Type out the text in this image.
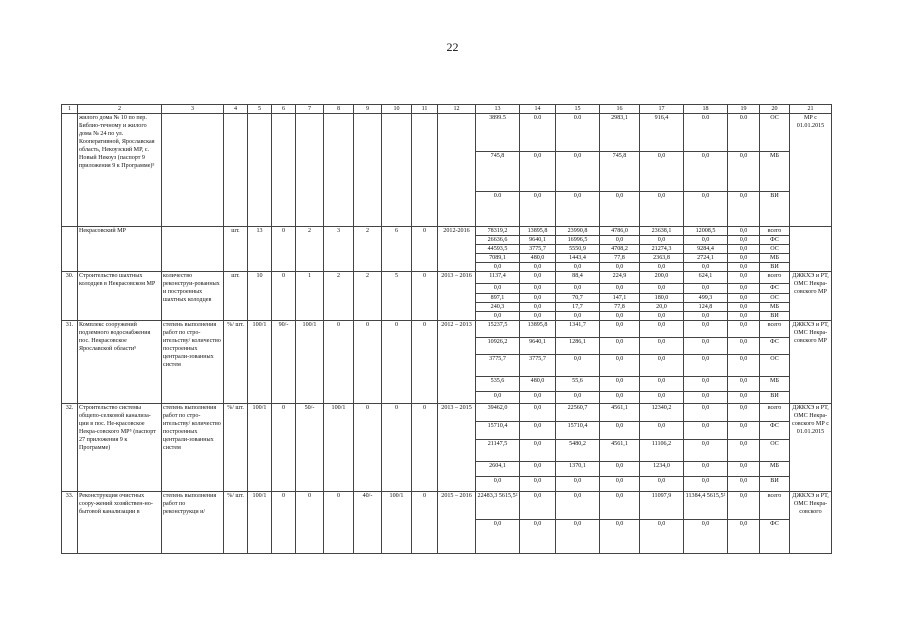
22
1	2	3	4	5	6	7	8	9	10	11	12	13	14	15	16	17	18	19	20	21
	жилого дома № 10 по пер. Библио-течному и жилого дома № 24 по ул. Кооперативной, Ярославская область, Некоузский МР, с. Новый Некоуз (паспорт 9 приложения 9 к Программе)⁵											3899.5	0.0	0.0	2983,1	916,4	0.0	0.0	ОС	МР с 01.01.2015
												745,8	0,0	0,0	745,8	0,0	0,0	0,0	МБ	
												0.0	0,0	0,0	0,0	0,0	0,0	0,0	ВИ	
	Некрасовский МР		шт.	13	0	2	3	2	6	0	2012-2016	78319,2	13895,8	23990,8	4786,0	23638,1	12008,5	0,0	всего	
												26636,6	9640,1	16996,5	0,0	0,0	0,0	0,0	ФС	
												44593,5	3775,7	5550,9	4708,2	21274,3	9284,4	0,0	ОС	
												7089,1	480,0	1443,4	77,8	2363,8	2724,1	0,0	МБ	
												0,0	0,0	0,0	0,0	0,0	0,0	0,0	ВИ	
30.	Строительство шахтных колодцев в Некрасовском МР	количество реконструи-рованных и построенных шахтных колодцев	шт.	10	0	1	2	2	5	0	2013 – 2016	1137,4	0,0	88,4	224,9	200,0	624,1	0,0	всего	ДЖКХЭ и РТ, ОМС Некра-совского МР
												0,0	0,0	0,0	0,0	0,0	0,0	0,0	ФС	
												897,1	0,0	70,7	147,1	180,0	499,3	0,0	ОС	
												240,3	0,0	17,7	77,8	20,0	124,8	0,0	МБ	
												0,0	0,0	0,0	0,0	0,0	0,0	0,0	ВИ	
31.	Комплекс сооружений подземного водоснабжения пос. Некрасовское Ярославской области⁵	степень выполнения работ по стро-ительству/ количество построенных централи-зованных систем	%/ шт.	100/1	90/-	100/1	0	0	0	0	2012 – 2013	15237,5	13895,8	1341,7	0,0	0,0	0,0	0,0	всего	ДЖКХЭ и РТ, ОМС Некра-совского МР
												10926,2	9640,1	1286,1	0,0	0,0	0,0	0,0	ФС	
												3775,7	3775,7	0,0	0,0	0,0	0,0	0,0	ОС	
												535,6	480,0	55,6	0,0	0,0	0,0	0,0	МБ	
												0,0	0,0	0,0	0,0	0,0	0,0	0,0	ВИ	
32.	Строительство системы общепо-селковой канализа-ции в пос. Не-красовское Некра-совского МР⁵ (паспорт 27 приложения 9 к Программе)	степень выполнения работ по стро-ительству/ количество построенных централи-зованных систем	%/ шт.	100/1	0	50/-	100/1	0	0	0	2013 – 2015	39462,0	0,0	22560,7	4561,1	12340,2	0,0	0,0	всего	ДЖКХЭ и РТ, ОМС Некра-совского МР с 01.01.2015
												15710,4	0,0	15710,4	0,0	0,0	0,0	0,0	ФС	
												21147,5	0,0	5480,2	4561,1	11106,2	0,0	0,0	ОС	
												2604,1	0,0	1370,1	0,0	1234,0	0,0	0,0	МБ	
												0,0	0,0	0,0	0,0	0,0	0,0	0,0	ВИ	
33.	Реконструкция очистных соору-жений хозяйствен-но-бытовой канализации в	степень выполнения работ по реконструкци и/	%/ шт.	100/1	0	0	0	40/-	100/1	0	2015 – 2016	22483,3 5615,5²	0,0	0,0	0,0	11097,9	11384,4 5615,5²	0,0	всего	ДЖКХЭ и РТ, ОМС Некра-совского
												0,0	0,0	0,0	0,0	0,0	0,0	0,0	ФС	
